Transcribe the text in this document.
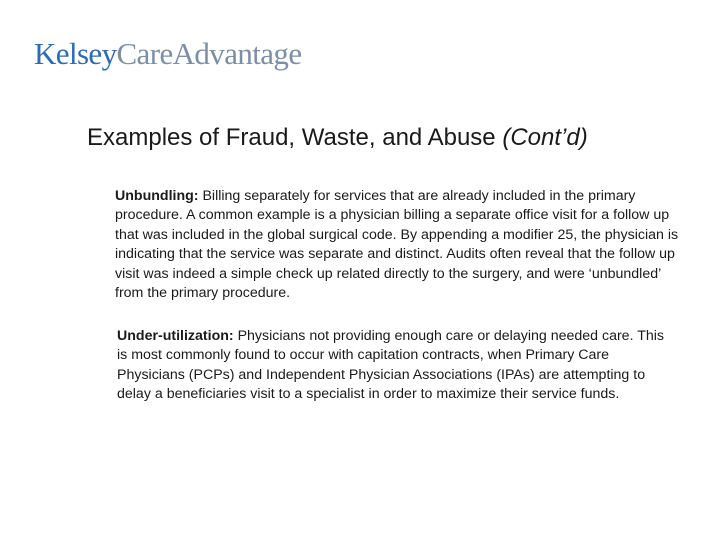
KelseyCareAdvantage
Examples of Fraud, Waste, and Abuse (Cont’d)

Unbundling: Billing separately for services that are already included in the primary procedure. A common example is a physician billing a separate office visit for a follow up that was included in the global surgical code. By appending a modifier 25, the physician is indicating that the service was separate and distinct. Audits often reveal that the follow up visit was indeed a simple check up related directly to the surgery, and were ‘unbundled’ from the primary procedure.

Under-utilization: Physicians not providing enough care or delaying needed care. This is most commonly found to occur with capitation contracts, when Primary Care Physicians (PCPs) and Independent Physician Associations (IPAs) are attempting to delay a beneficiaries visit to a specialist in order to maximize their service funds.
